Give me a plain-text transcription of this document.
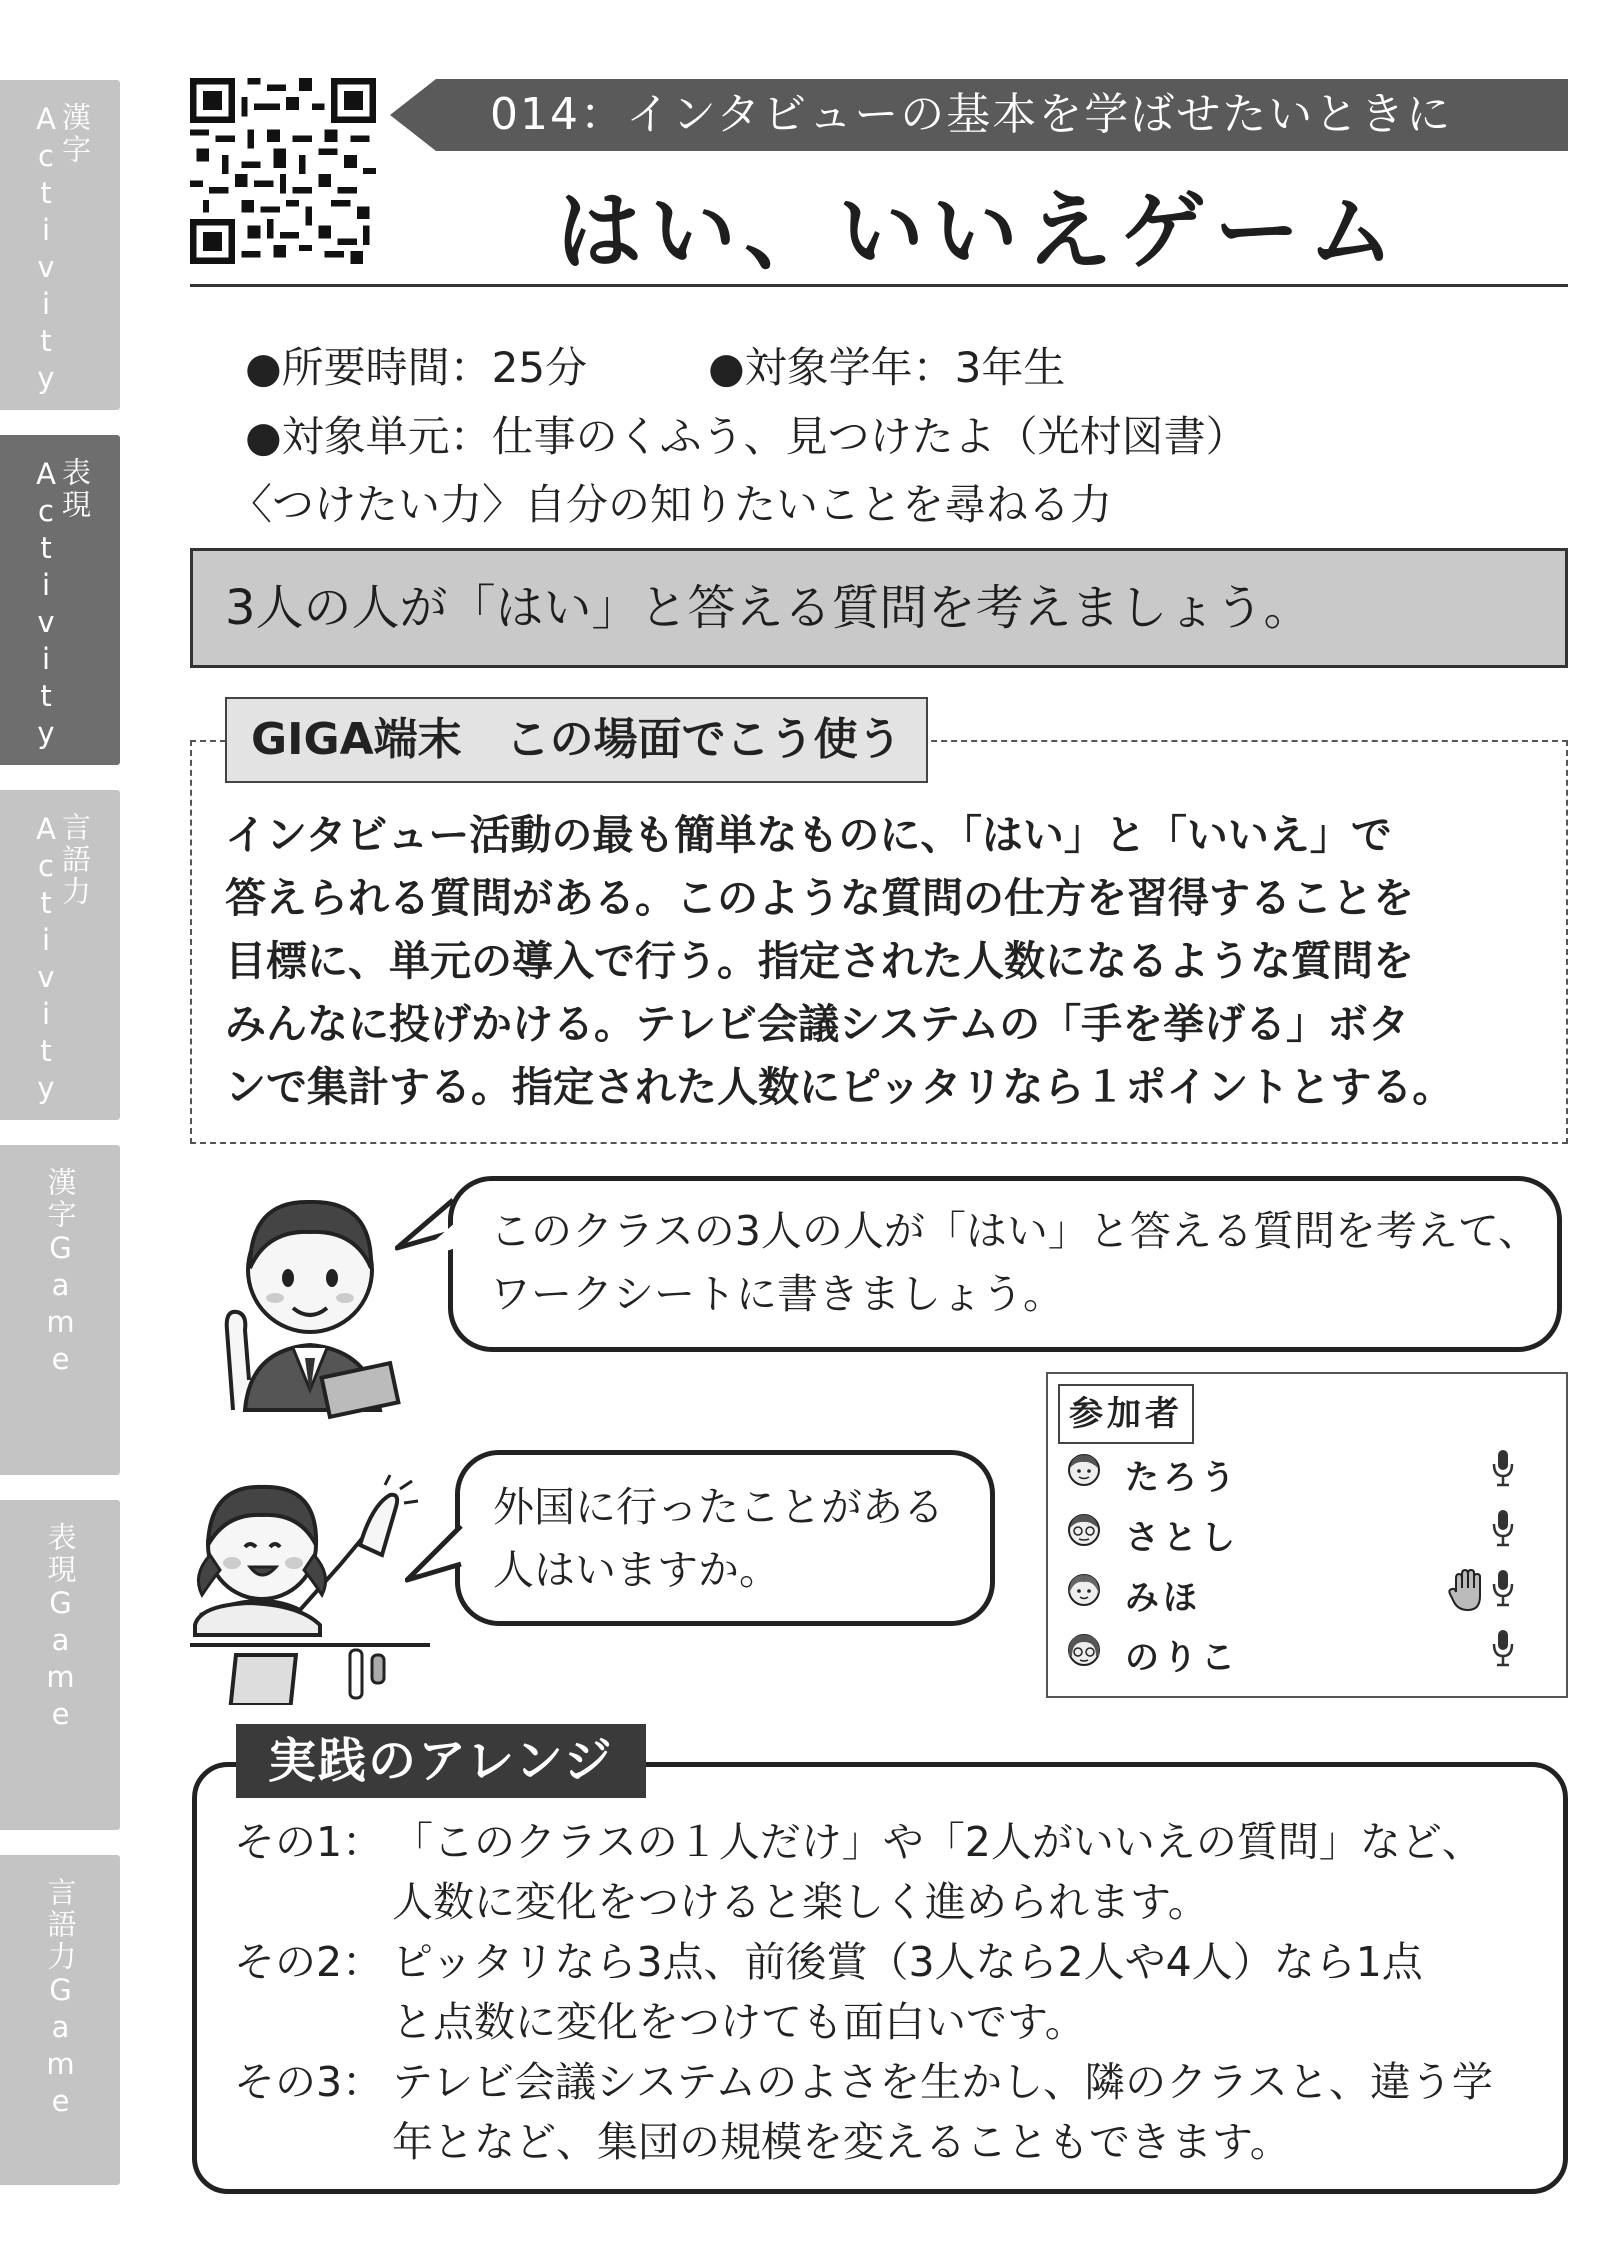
漢字Activity
表現Activity
言語力Activity
漢字Game
表現Game
言語力Game
014：インタビューの基本を学ばせたいときに
はい、いいえゲーム
●所要時間：25分	●対象学年：3年生
●対象単元：仕事のくふう、見つけたよ（光村図書）
〈つけたい力〉自分の知りたいことを尋ねる力
3人の人が「はい」と答える質問を考えましょう。
GIGA端末　この場面でこう使う
インタビュー活動の最も簡単なものに、「はい」と「いいえ」で
答えられる質問がある。このような質問の仕方を習得することを
目標に、単元の導入で行う。指定された人数になるような質問を
みんなに投げかける。テレビ会議システムの「手を挙げる」ボタ
ンで集計する。指定された人数にピッタリなら１ポイントとする。
このクラスの3人の人が「はい」と答える質問を考えて、
ワークシートに書きましょう。
外国に行ったことがある
人はいますか。
参加者
たろう
さとし
みほ
のりこ
実践のアレンジ
その1： 「このクラスの１人だけ」や「2人がいいえの質問」など、
人数に変化をつけると楽しく進められます。
その2： ピッタリなら3点、前後賞（3人なら2人や4人）なら1点
と点数に変化をつけても面白いです。
その3： テレビ会議システムのよさを生かし、隣のクラスと、違う学
年となど、集団の規模を変えることもできます。
